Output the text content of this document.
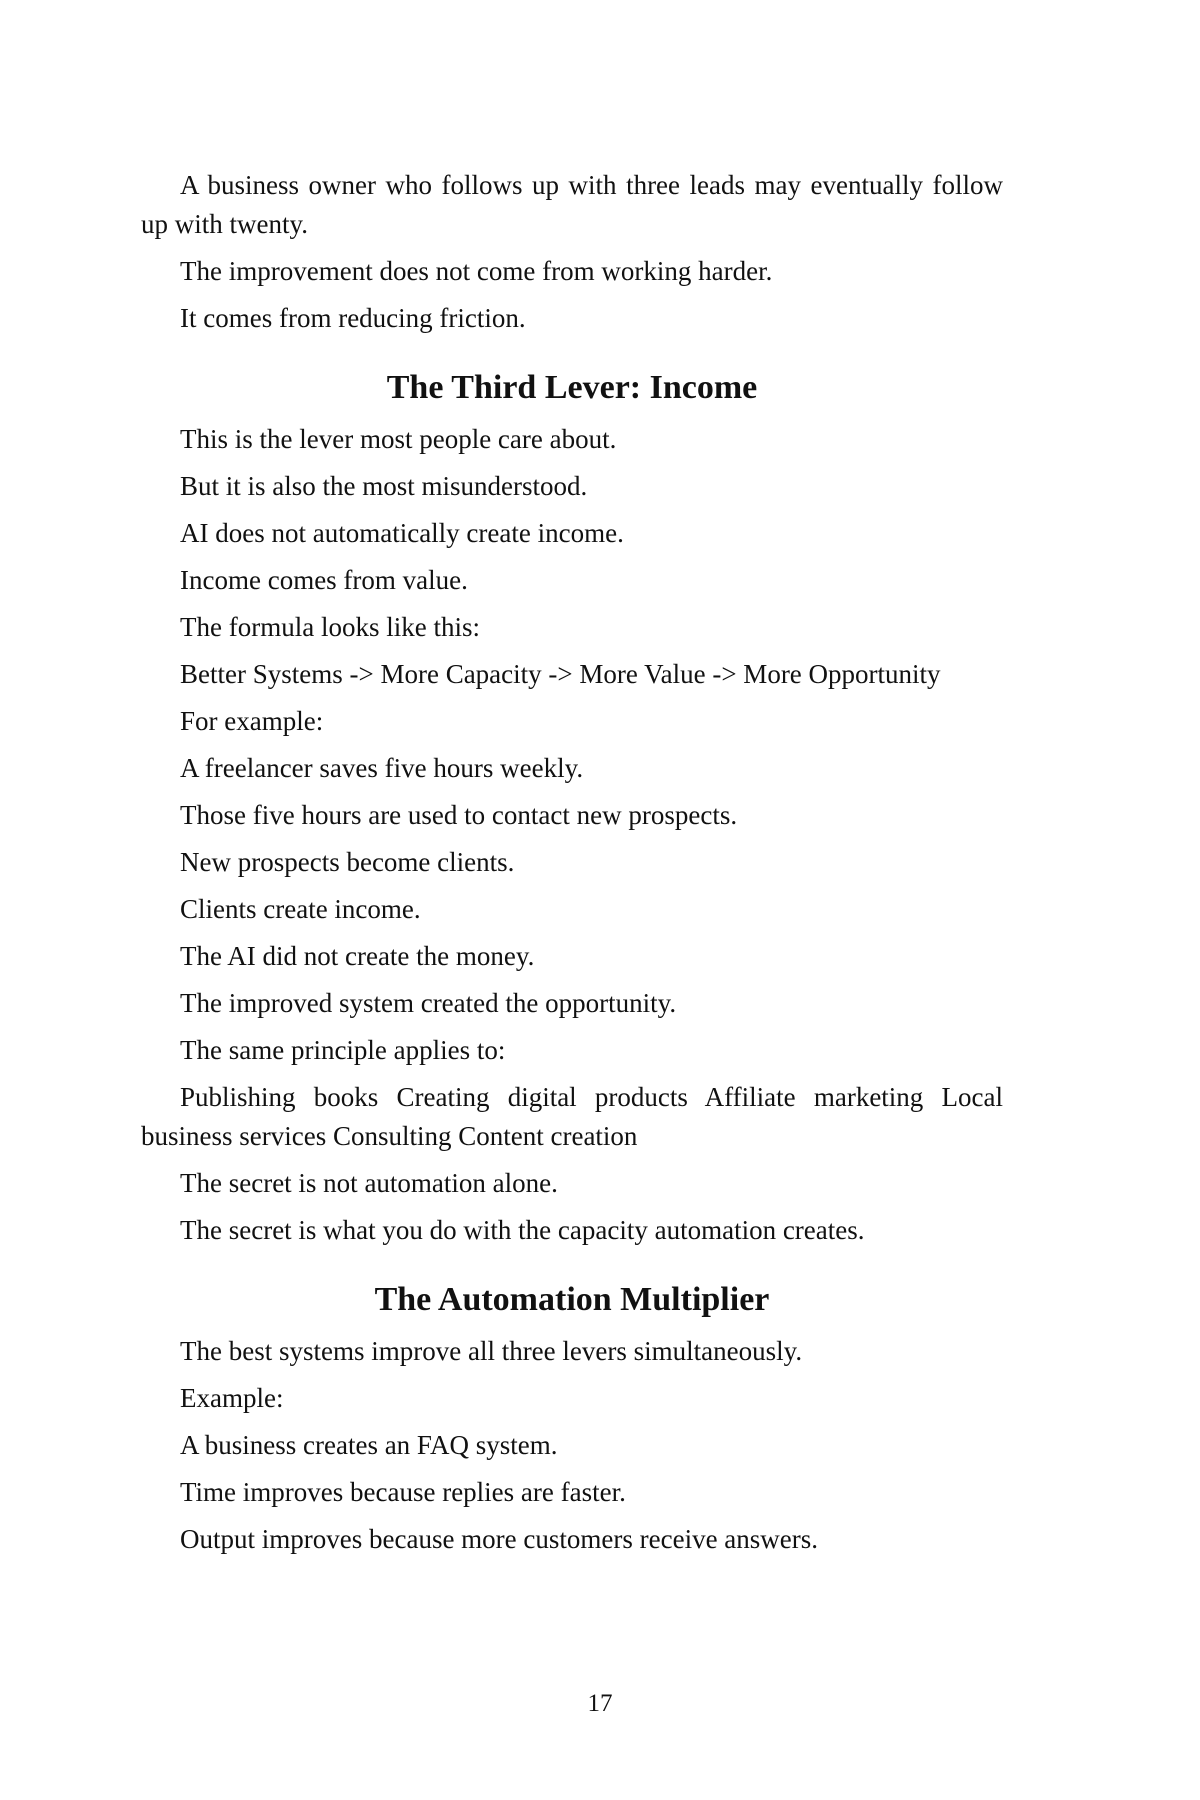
A business owner who follows up with three leads may eventually follow up with twenty.

The improvement does not come from working harder.

It comes from reducing friction.

The Third Lever: Income

This is the lever most people care about.

But it is also the most misunderstood.

AI does not automatically create income.

Income comes from value.

The formula looks like this:

Better Systems -> More Capacity -> More Value -> More Opportunity

For example:

A freelancer saves five hours weekly.

Those five hours are used to contact new prospects.

New prospects become clients.

Clients create income.

The AI did not create the money.

The improved system created the opportunity.

The same principle applies to:

Publishing books Creating digital products Affiliate marketing Local business services Consulting Content creation

The secret is not automation alone.

The secret is what you do with the capacity automation creates.

The Automation Multiplier

The best systems improve all three levers simultaneously.

Example:

A business creates an FAQ system.

Time improves because replies are faster.

Output improves because more customers receive answers.

17
